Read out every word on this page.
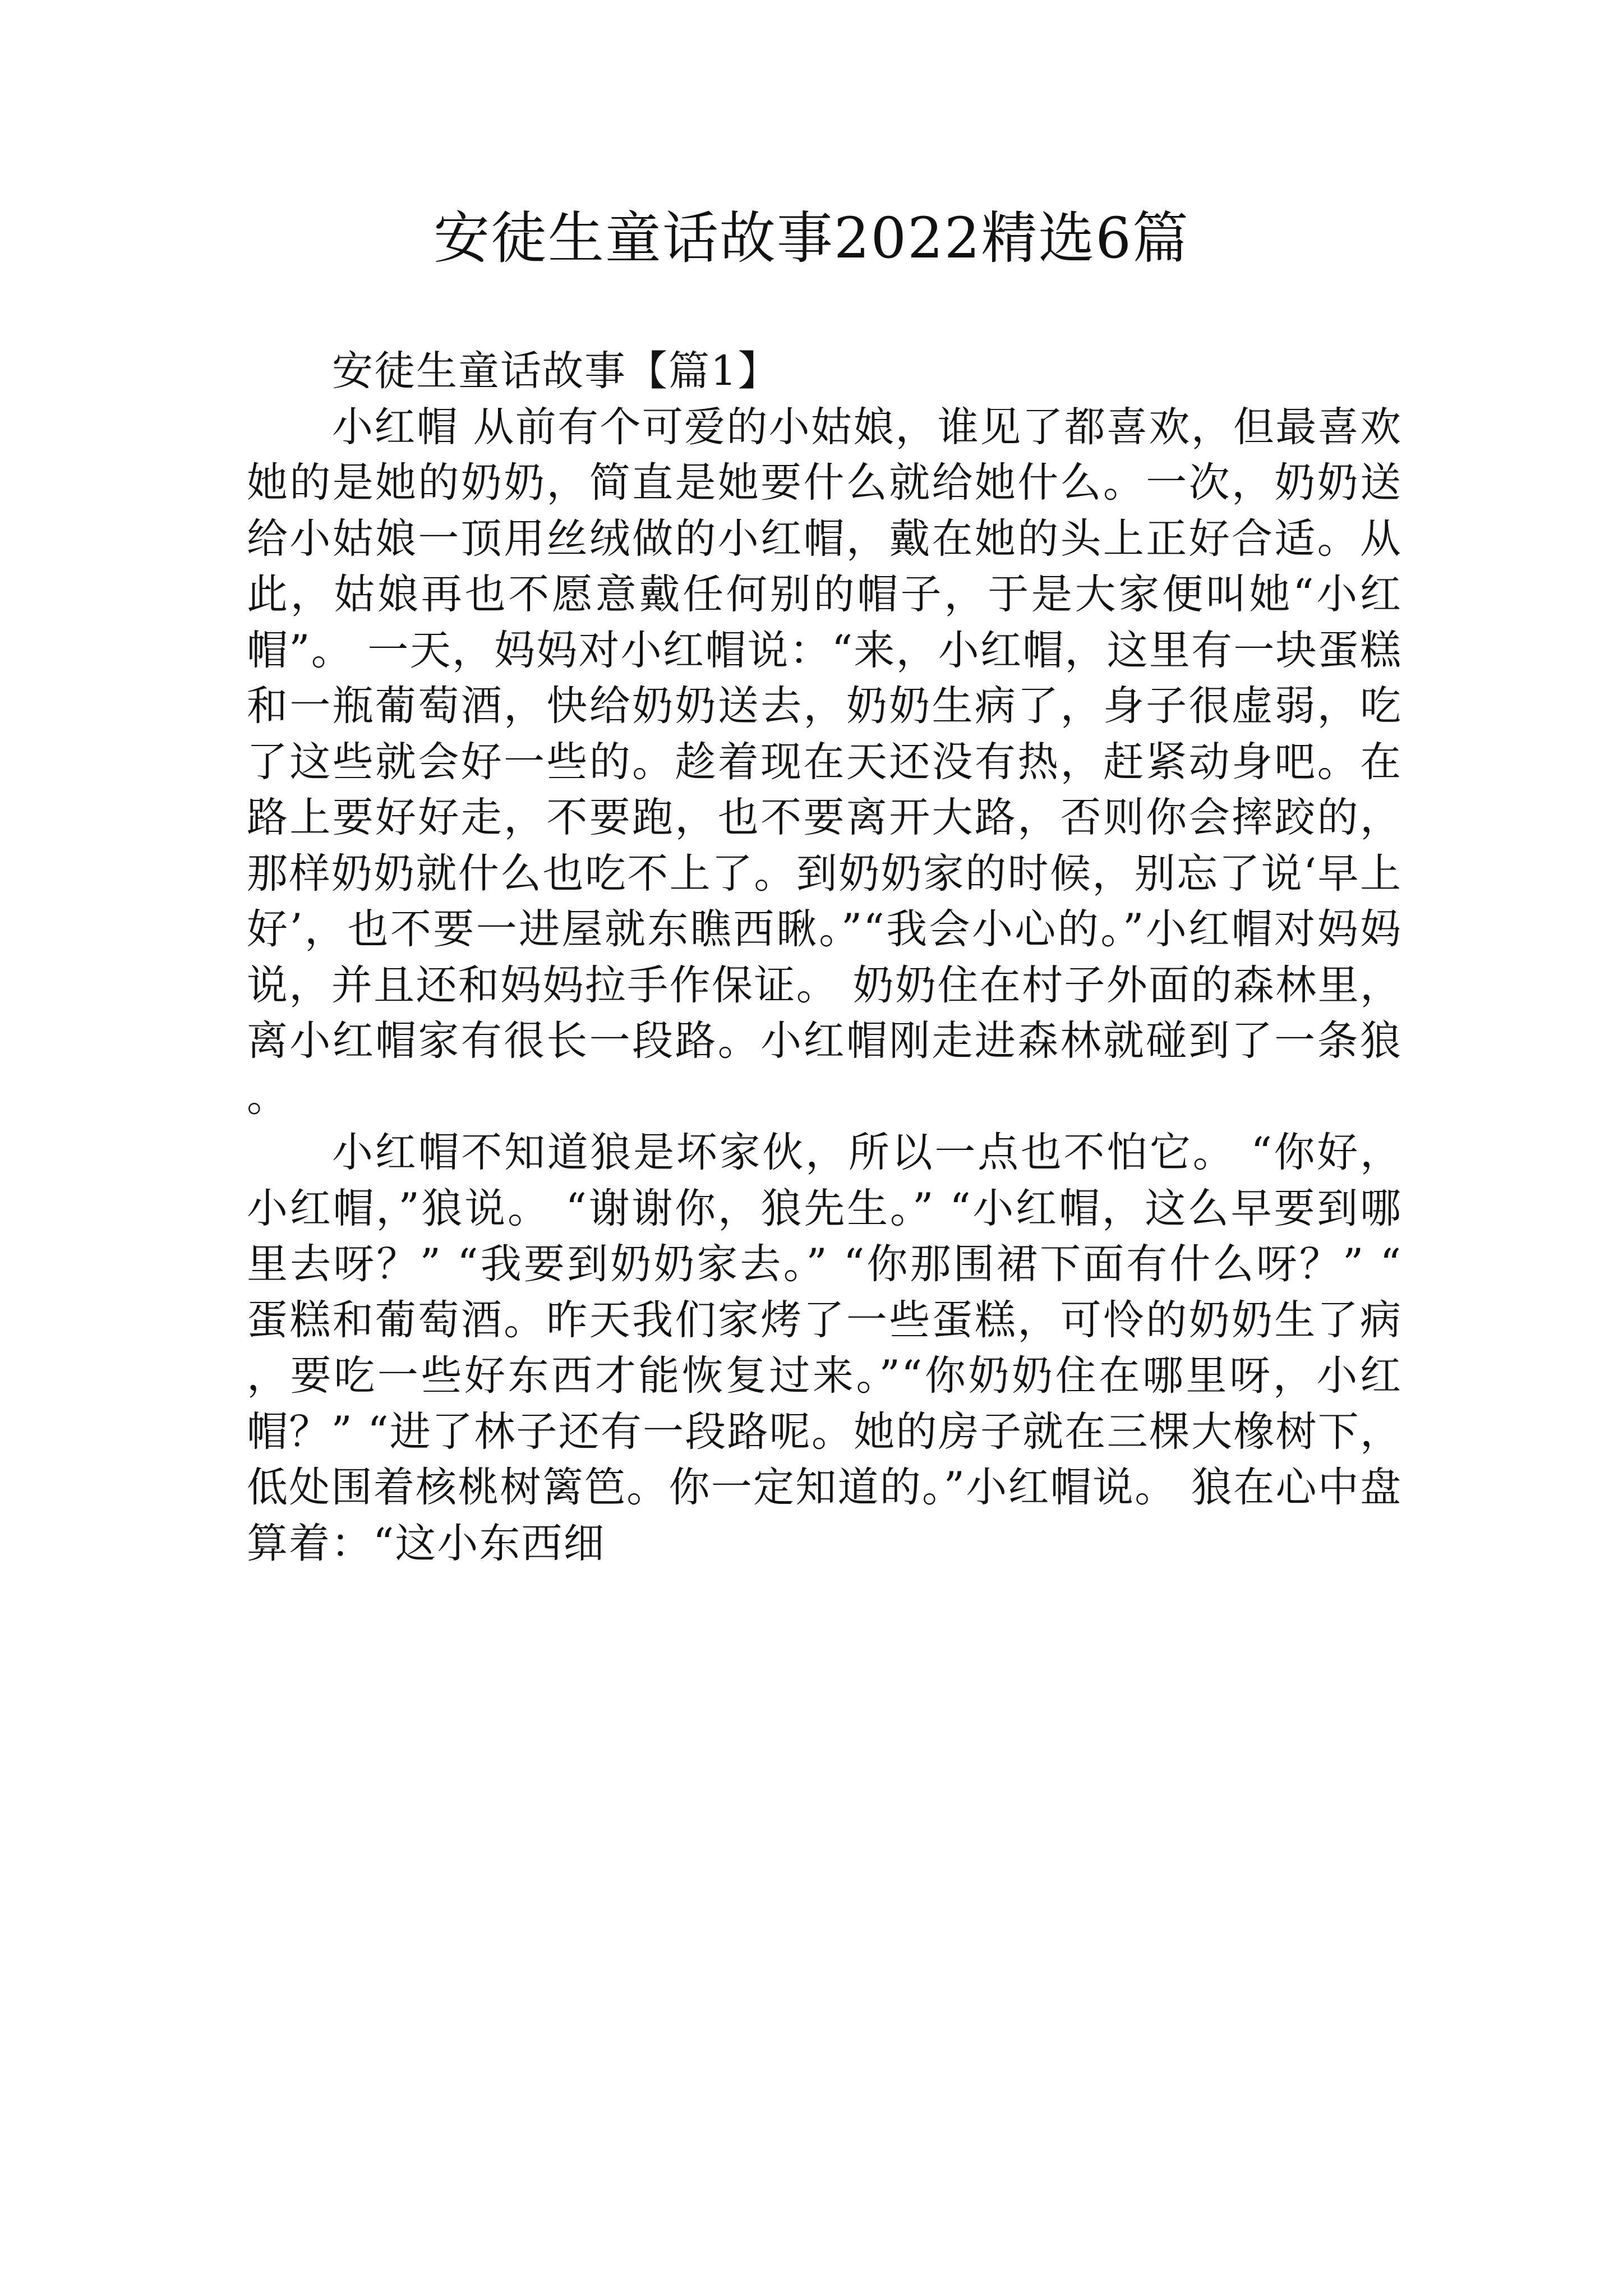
安徒生童话故事2022精选6篇

安徒生童话故事【篇1】

小红帽 从前有个可爱的小姑娘，谁见了都喜欢，但最喜欢她的是她的奶奶，简直是她要什么就给她什么。一次，奶奶送给小姑娘一顶用丝绒做的小红帽，戴在她的头上正好合适。从此，姑娘再也不愿意戴任何别的帽子，于是大家便叫她“小红帽”。 一天，妈妈对小红帽说：“来，小红帽，这里有一块蛋糕和一瓶葡萄酒，快给奶奶送去，奶奶生病了，身子很虚弱，吃了这些就会好一些的。趁着现在天还没有热，赶紧动身吧。在路上要好好走，不要跑，也不要离开大路，否则你会摔跤的，那样奶奶就什么也吃不上了。到奶奶家的时候，别忘了说‘早上好’，也不要一进屋就东瞧西瞅。”“我会小心的。”小红帽对妈妈说，并且还和妈妈拉手作保证。 奶奶住在村子外面的森林里，离小红帽家有很长一段路。小红帽刚走进森林就碰到了一条狼。

小红帽不知道狼是坏家伙，所以一点也不怕它。 “你好，小红帽，”狼说。 “谢谢你，狼先生。” “小红帽，这么早要到哪里去呀？” “我要到奶奶家去。” “你那围裙下面有什么呀？” “蛋糕和葡萄酒。昨天我们家烤了一些蛋糕，可怜的奶奶生了病，要吃一些好东西才能恢复过来。”“你奶奶住在哪里呀，小红帽？” “进了林子还有一段路呢。她的房子就在三棵大橡树下，低处围着核桃树篱笆。你一定知道的。”小红帽说。 狼在心中盘算着：“这小东西细
